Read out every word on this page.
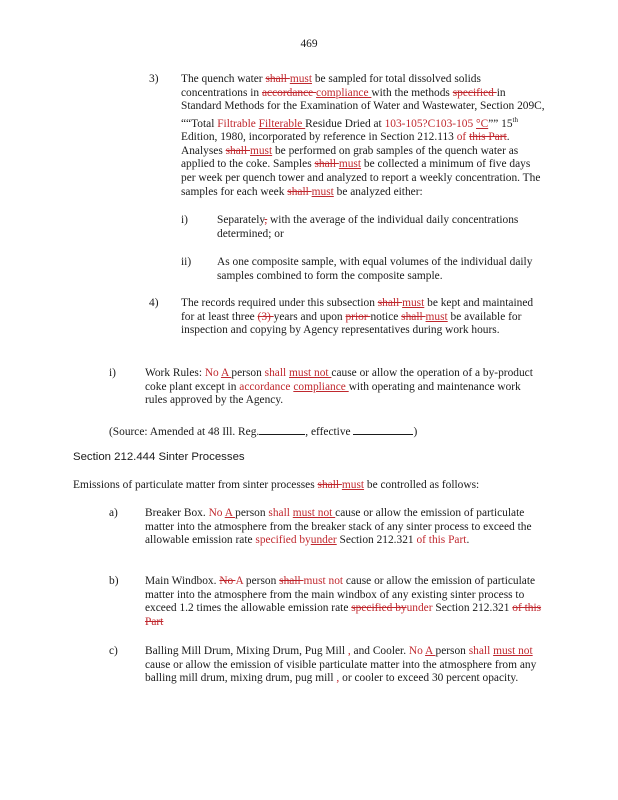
469
3) The quench water shall must be sampled for total dissolved solids concentrations in accordance compliance with the methods specified in Standard Methods for the Examination of Water and Wastewater, Section 209C, ““Total Filtrable Filterable Residue Dried at 103-105?C103-105 °C”” 15th Edition, 1980, incorporated by reference in Section 212.113 of this Part. Analyses shall must be performed on grab samples of the quench water as applied to the coke. Samples shall must be collected a minimum of five days per week per quench tower and analyzed to report a weekly concentration. The samples for each week shall must be analyzed either:
i)	Separately, with the average of the individual daily concentrations determined; or
ii) As one composite sample, with equal volumes of the individual daily samples combined to form the composite sample.
4) The records required under this subsection shall must be kept and maintained for at least three (3) years and upon prior notice shall must be available for inspection and copying by Agency representatives during work hours.
i)	Work Rules: No A person shall must not cause or allow the operation of a by-product coke plant except in accordance compliance with operating and maintenance work rules approved by the Agency.
(Source: Amended at 48 Ill. Reg.	, effective	)
Section 212.444 Sinter Processes
Emissions of particulate matter from sinter processes shall must be controlled as follows:
a) Breaker Box. No A person shall must not cause or allow the emission of particulate matter into the atmosphere from the breaker stack of any sinter process to exceed the allowable emission rate specified byunder Section 212.321 of this Part.
b) Main Windbox. No A person shall must not cause or allow the emission of particulate matter into the atmosphere from the main windbox of any existing sinter process to exceed 1.2 times the allowable emission rate specified byunder Section 212.321 of this Part
c) Balling Mill Drum, Mixing Drum, Pug Mill , and Cooler. No A person shall must not cause or allow the emission of visible particulate matter into the atmosphere from any balling mill drum, mixing drum, pug mill , or cooler to exceed 30 percent opacity.
